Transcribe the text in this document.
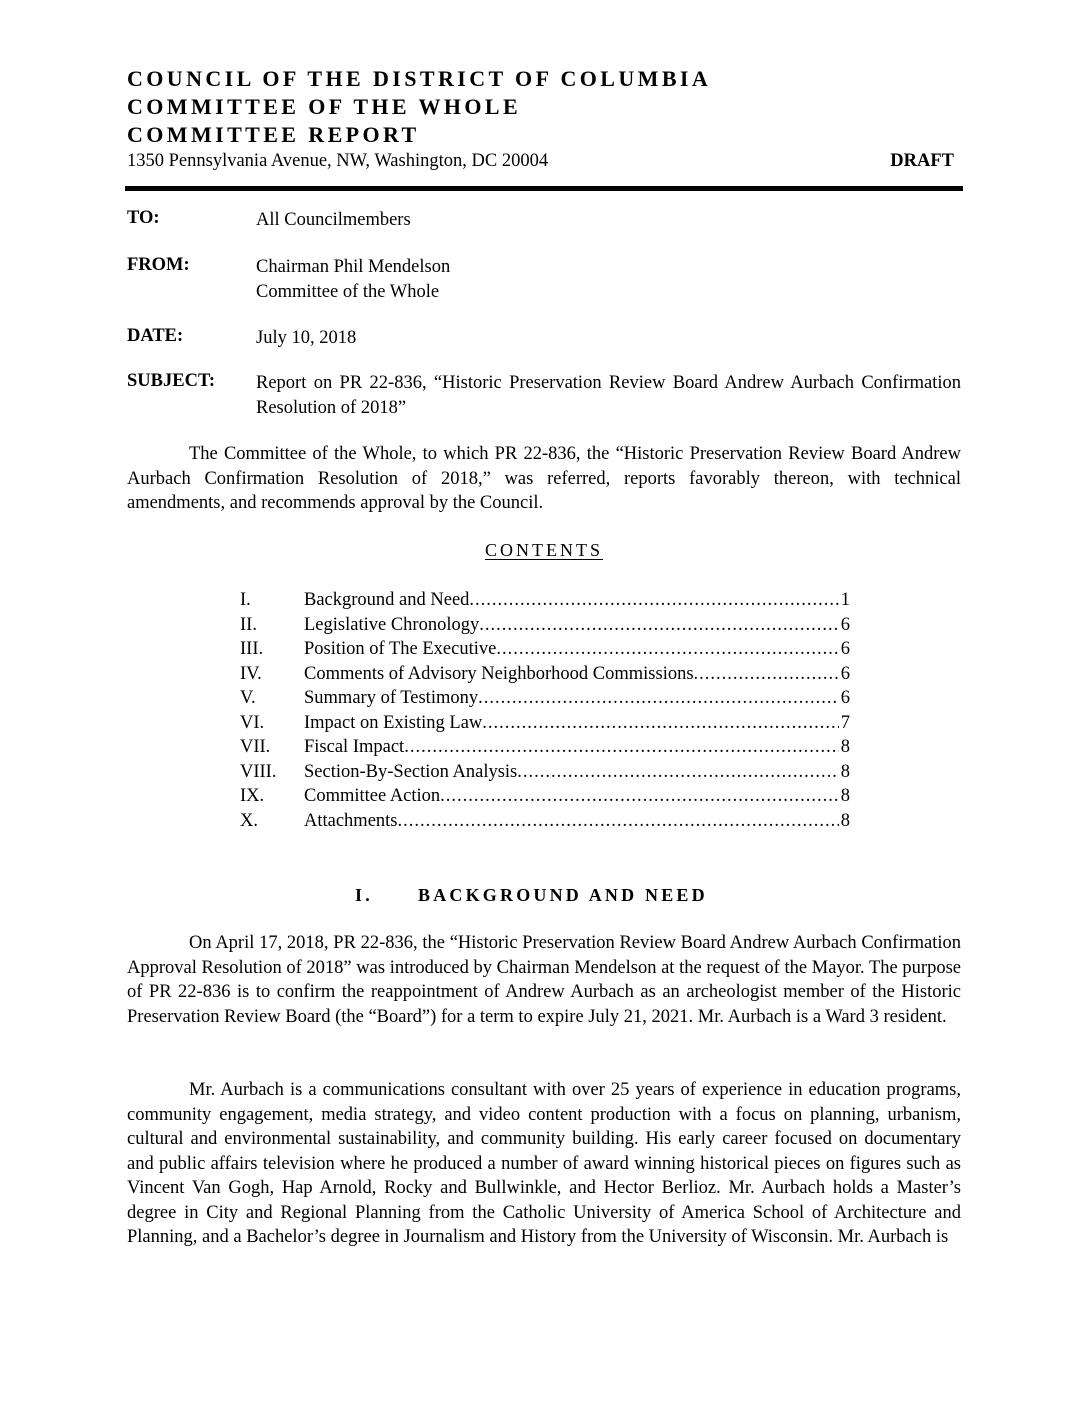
COUNCIL OF THE DISTRICT OF COLUMBIA
COMMITTEE OF THE WHOLE
COMMITTEE REPORT
1350 Pennsylvania Avenue, NW, Washington, DC 20004	DRAFT
TO:	All Councilmembers
FROM:	Chairman Phil Mendelson
Committee of the Whole
DATE:	July 10, 2018
SUBJECT: Report on PR 22-836, “Historic Preservation Review Board Andrew Aurbach Confirmation Resolution of 2018”

The Committee of the Whole, to which PR 22-836, the “Historic Preservation Review Board Andrew Aurbach Confirmation Resolution of 2018,” was referred, reports favorably thereon, with technical amendments, and recommends approval by the Council.

CONTENTS
I.	Background and Need .....	1
II.	Legislative Chronology .....	6
III.	Position of The Executive .....	6
IV.	Comments of Advisory Neighborhood Commissions .....	6
V.	Summary of Testimony .....	6
VI.	Impact on Existing Law .....	7
VII.	Fiscal Impact .....	8
VIII.	Section-By-Section Analysis .....	8
IX.	Committee Action .....	8
X.	Attachments .....	8
I.	BACKGROUND AND NEED

On April 17, 2018, PR 22-836, the “Historic Preservation Review Board Andrew Aurbach Confirmation Approval Resolution of 2018” was introduced by Chairman Mendelson at the request of the Mayor. The purpose of PR 22-836 is to confirm the reappointment of Andrew Aurbach as an archeologist member of the Historic Preservation Review Board (the “Board”) for a term to expire July 21, 2021. Mr. Aurbach is a Ward 3 resident.

Mr. Aurbach is a communications consultant with over 25 years of experience in education programs, community engagement, media strategy, and video content production with a focus on planning, urbanism, cultural and environmental sustainability, and community building. His early career focused on documentary and public affairs television where he produced a number of award winning historical pieces on figures such as Vincent Van Gogh, Hap Arnold, Rocky and Bullwinkle, and Hector Berlioz. Mr. Aurbach holds a Master’s degree in City and Regional Planning from the Catholic University of America School of Architecture and Planning, and a Bachelor’s degree in Journalism and History from the University of Wisconsin. Mr. Aurbach is
